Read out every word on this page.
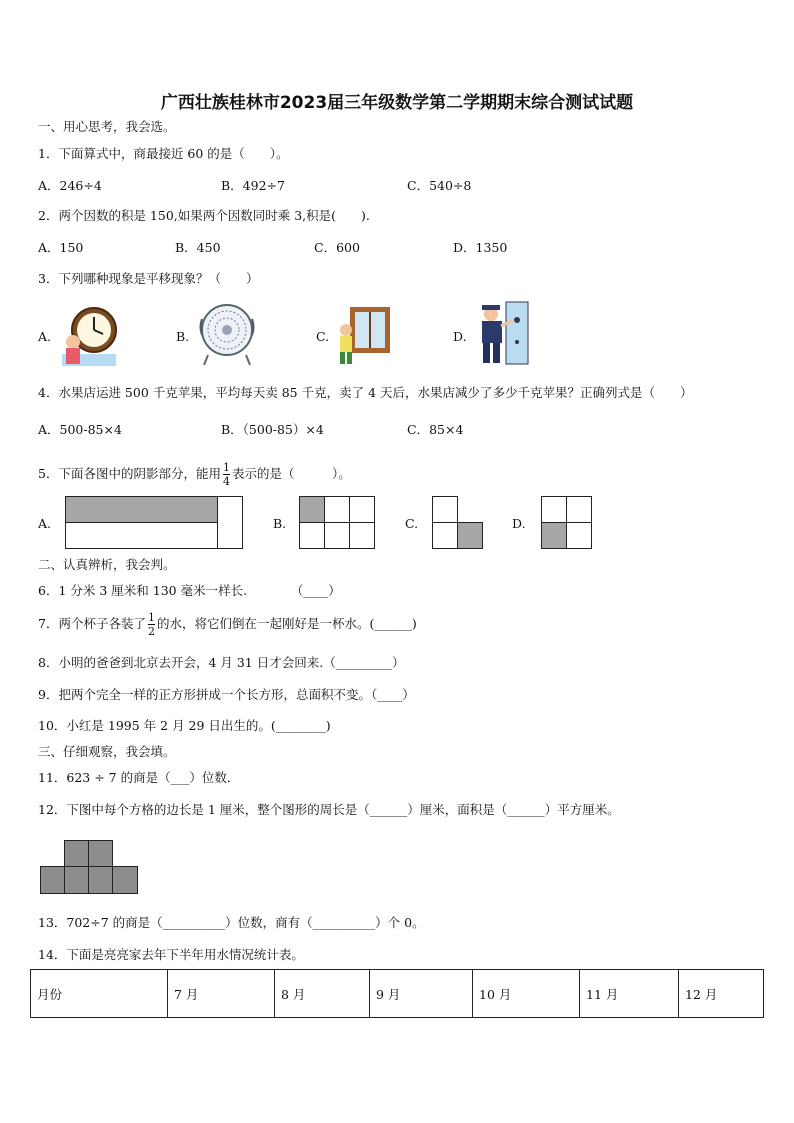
广西壮族桂林市2023届三年级数学第二学期期末综合测试试题
一、用心思考，我会选。
1．下面算式中，商最接近 60 的是（　　）。
A．246÷4	B．492÷7	C．540÷8
2．两个因数的积是 150,如果两个因数同时乘 3,积是(　　).
A．150	B．450	C．600	D．1350
3．下列哪种现象是平移现象？（　　）
A.	B.	C.	D.
4．水果店运进 500 千克苹果，平均每天卖 85 千克，卖了 4 天后，水果店减少了多少千克苹果？正确列式是（　　）
A．500-85×4	B．（500-85）×4	C．85×4
5．下面各图中的阴影部分，能用 $\frac{1}{4}$ 表示的是（　　　）。
A.	B.	C.	D.
二、认真辨析，我会判。
6．1 分米 3 厘米和 130 毫米一样长.　　　　（____）
7．两个杯子各装了 $\frac{1}{2}$ 的水，将它们倒在一起刚好是一杯水。(______)
8．小明的爸爸到北京去开会，4 月 31 日才会回来.（_________）
9．把两个完全一样的正方形拼成一个长方形，总面积不变。（____）
10．小红是 1995 年 2 月 29 日出生的。(________)
三、仔细观察，我会填。
11．623 ÷ 7 的商是（___）位数．
12．下图中每个方格的边长是 1 厘米，整个图形的周长是（______）厘米，面积是（______）平方厘米。
13．702÷7 的商是（__________）位数，商有（__________）个 0。
14．下面是亮亮家去年下半年用水情况统计表。
月份	7 月	8 月	9 月	10 月	11 月	12 月
